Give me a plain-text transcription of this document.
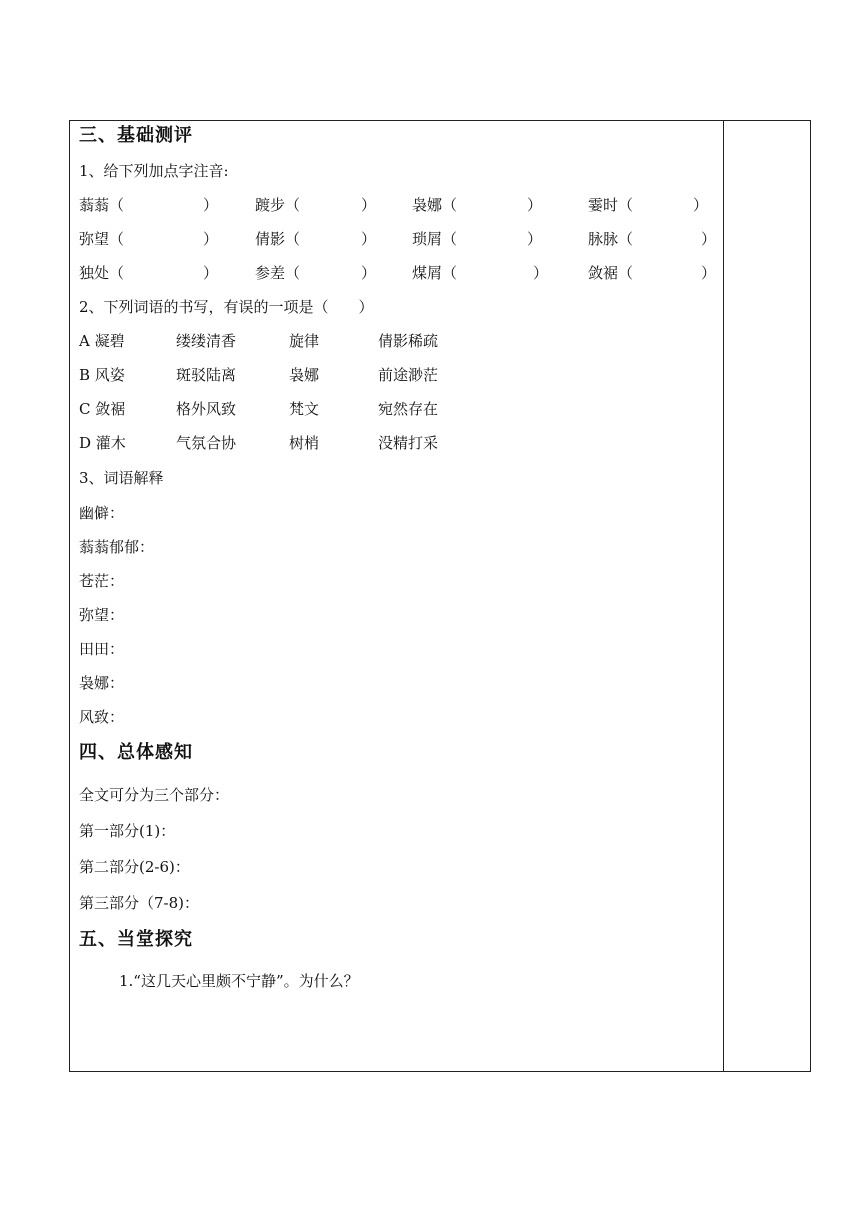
三、基础测评
1、给下列加点字注音:
蓊蓊（	） 踱步（	） 袅娜（	）	霎时（	）
弥望（	） 倩影（	） 琐屑（	）	脉脉（	）
独处（	） 参差（	） 煤屑（	）	敛裾（	）
2、下列词语的书写，有误的一项是（　　）
A 凝碧	缕缕清香	旋律	倩影稀疏
B 风姿	斑驳陆离	袅娜	前途渺茫
C 敛裾	格外风致	梵文	宛然存在
D 灌木	气氛合协	树梢	没精打采
3、词语解释
幽僻：
蓊蓊郁郁：
苍茫：
弥望：
田田：
袅娜：
风致：
四、总体感知
全文可分为三个部分：
第一部分(1)：
第二部分(2-6)：
第三部分（7-8)：
五、当堂探究
1.“这几天心里颇不宁静”。为什么？
